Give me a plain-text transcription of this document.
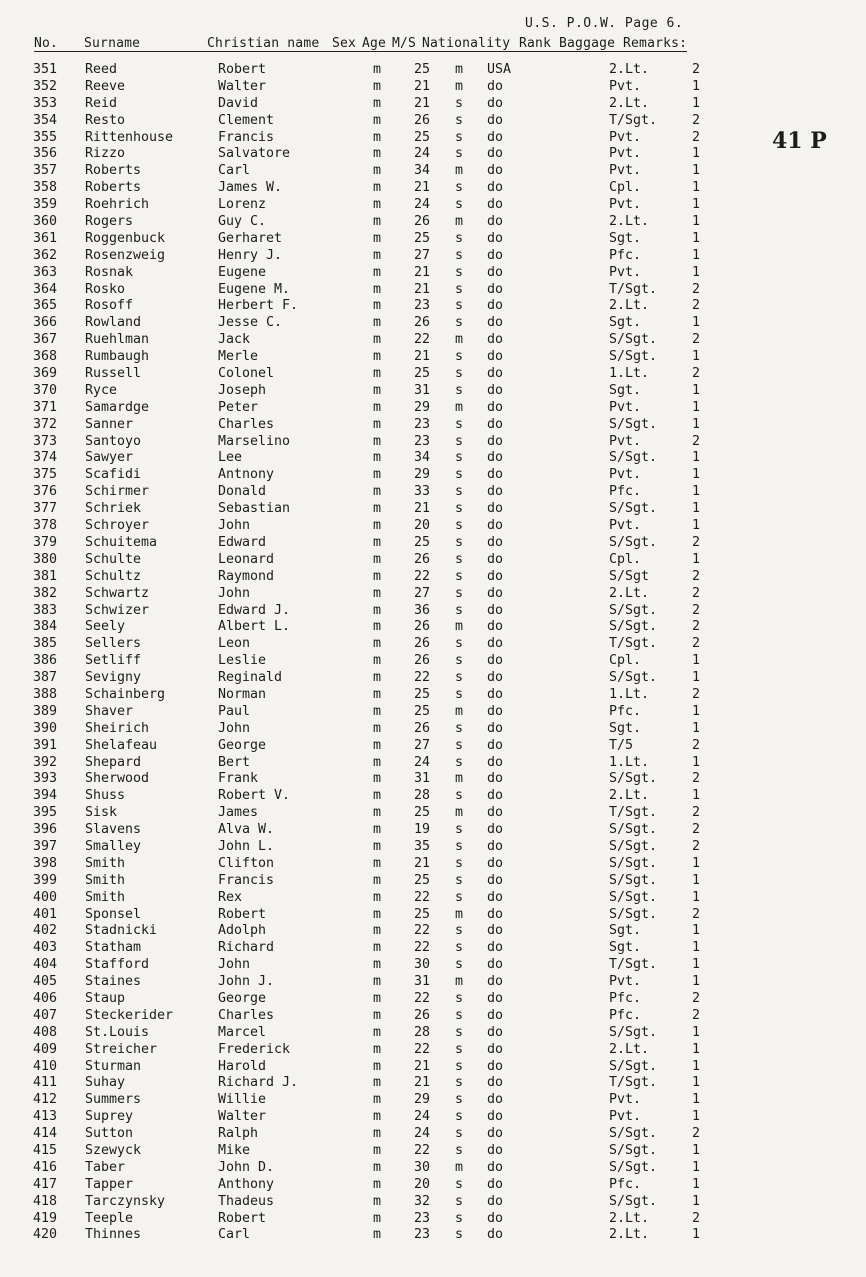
U.S. P.O.W. Page 6.
No. Surname	Christian name Sex Age M/S Nationality Rank Baggage Remarks:
41 P
351 Reed	Robert	m 25 m USA	2.Lt.	2
352 Reeve	Walter	m 21 m do	Pvt.	1
353 Reid	David	m 21 s do	2.Lt.	1
354 Resto	Clement	m 26 s do	T/Sgt.	2
355 Rittenhouse	Francis	m 25 s do	Pvt.	2
356 Rizzo	Salvatore	m 24 s do	Pvt.	1
357 Roberts	Carl	m 34 m do	Pvt.	1
358 Roberts	James W.	m 21 s do	Cpl.	1
359 Roehrich	Lorenz	m 24 s do	Pvt.	1
360 Rogers	Guy C.	m 26 m do	2.Lt.	1
361 Roggenbuck	Gerharet	m 25 s do	Sgt.	1
362 Rosenzweig	Henry J.	m 27 s do	Pfc.	1
363 Rosnak	Eugene	m 21 s do	Pvt.	1
364 Rosko	Eugene M.	m 21 s do	T/Sgt.	2
365 Rosoff	Herbert F.	m 23 s do	2.Lt.	2
366 Rowland	Jesse C.	m 26 s do	Sgt.	1
367 Ruehlman	Jack	m 22 m do	S/Sgt.	2
368 Rumbaugh	Merle	m 21 s do	S/Sgt.	1
369 Russell	Colonel	m 25 s do	1.Lt.	2
370 Ryce	Joseph	m 31 s do	Sgt.	1
371 Samardge	Peter	m 29 m do	Pvt.	1
372 Sanner	Charles	m 23 s do	S/Sgt.	1
373 Santoyo	Marselino	m 23 s do	Pvt.	2
374 Sawyer	Lee	m 34 s do	S/Sgt.	1
375 Scafidi	Antnony	m 29 s do	Pvt.	1
376 Schirmer	Donald	m 33 s do	Pfc.	1
377 Schriek	Sebastian	m 21 s do	S/Sgt.	1
378 Schroyer	John	m 20 s do	Pvt.	1
379 Schuitema	Edward	m 25 s do	S/Sgt.	2
380 Schulte	Leonard	m 26 s do	Cpl.	1
381 Schultz	Raymond	m 22 s do	S/Sgt	2
382 Schwartz	John	m 27 s do	2.Lt.	2
383 Schwizer	Edward J.	m 36 s do	S/Sgt.	2
384 Seely	Albert L.	m 26 m do	S/Sgt.	2
385 Sellers	Leon	m 26 s do	T/Sgt.	2
386 Setliff	Leslie	m 26 s do	Cpl.	1
387 Sevigny	Reginald	m 22 s do	S/Sgt.	1
388 Schainberg	Norman	m 25 s do	1.Lt.	2
389 Shaver	Paul	m 25 m do	Pfc.	1
390 Sheirich	John	m 26 s do	Sgt.	1
391 Shelafeau	George	m 27 s do	T/5	2
392 Shepard	Bert	m 24 s do	1.Lt.	1
393 Sherwood	Frank	m 31 m do	S/Sgt.	2
394 Shuss	Robert V.	m 28 s do	2.Lt.	1
395 Sisk	James	m 25 m do	T/Sgt.	2
396 Slavens	Alva W.	m 19 s do	S/Sgt.	2
397 Smalley	John L.	m 35 s do	S/Sgt.	2
398 Smith	Clifton	m 21 s do	S/Sgt.	1
399 Smith	Francis	m 25 s do	S/Sgt.	1
400 Smith	Rex	m 22 s do	S/Sgt.	1
401 Sponsel	Robert	m 25 m do	S/Sgt.	2
402 Stadnicki	Adolph	m 22 s do	Sgt.	1
403 Statham	Richard	m 22 s do	Sgt.	1
404 Stafford	John	m 30 s do	T/Sgt.	1
405 Staines	John J.	m 31 m do	Pvt.	1
406 Staup	George	m 22 s do	Pfc.	2
407 Steckerider	Charles	m 26 s do	Pfc.	2
408 St.Louis	Marcel	m 28 s do	S/Sgt.	1
409 Streicher	Frederick	m 22 s do	2.Lt.	1
410 Sturman	Harold	m 21 s do	S/Sgt.	1
411 Suhay	Richard J.	m 21 s do	T/Sgt.	1
412 Summers	Willie	m 29 s do	Pvt.	1
413 Suprey	Walter	m 24 s do	Pvt.	1
414 Sutton	Ralph	m 24 s do	S/Sgt.	2
415 Szewyck	Mike	m 22 s do	S/Sgt.	1
416 Taber	John D.	m 30 m do	S/Sgt.	1
417 Tapper	Anthony	m 20 s do	Pfc.	1
418 Tarczynsky	Thadeus	m 32 s do	S/Sgt.	1
419 Teeple	Robert	m 23 s do	2.Lt.	2
420 Thinnes	Carl	m 23 s do	2.Lt.	1
